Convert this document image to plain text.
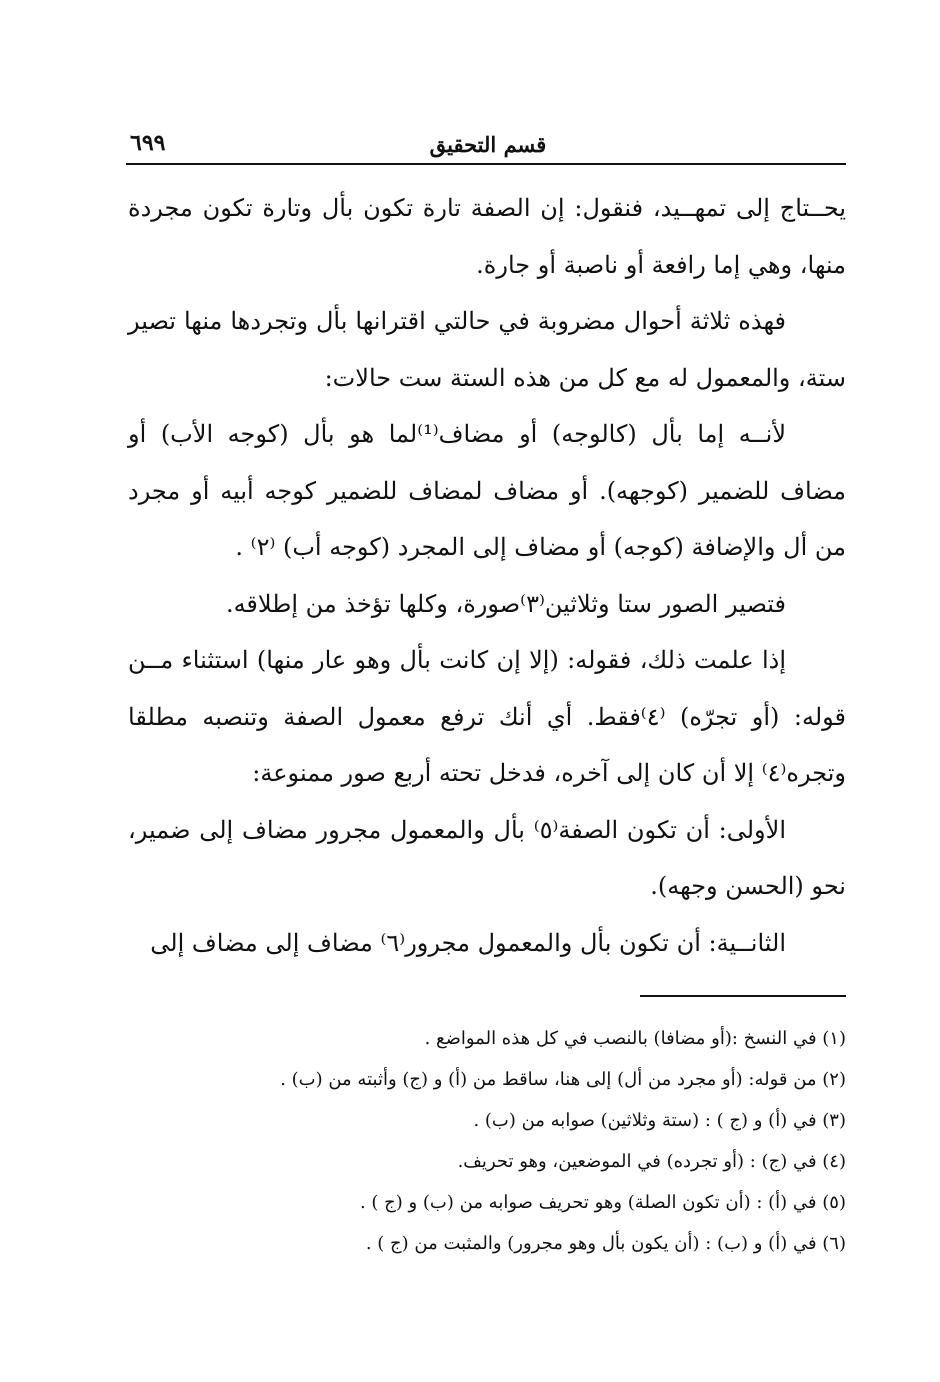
قسم التحقيق
٦٩٩

يحــتاج إلى تمهــيد، فنقول: إن الصفة تارة تكون بأل وتارة تكون مجردة منها، وهي إما رافعة أو ناصبة أو جارة.

فهذه ثلاثة أحوال مضروبة في حالتي اقترانها بأل وتجردها منها تصير ستة، والمعمول له مع كل من هذه الستة ست حالات:

لأنــه إما بأل (كالوجه) أو مضاف⁽¹⁾لما هو بأل (كوجه الأب) أو مضاف للضمير (كوجهه). أو مضاف لمضاف للضمير كوجه أبيه أو مجرد من أل والإضافة (كوجه) أو مضاف إلى المجرد (كوجه أب) ⁽٢⁾ .

فتصير الصور ستا وثلاثين⁽٣⁾صورة، وكلها تؤخذ من إطلاقه.

إذا علمت ذلك، فقوله: (إلا إن كانت بأل وهو عار منها) استثناء مــن قوله: (أو تجرّه) ⁽٤⁾فقط. أي أنك ترفع معمول الصفة وتنصبه مطلقا وتجره⁽٤⁾ إلا أن كان إلى آخره، فدخل تحته أربع صور ممنوعة:

الأولى: أن تكون الصفة⁽٥⁾ بأل والمعمول مجرور مضاف إلى ضمير، نحو (الحسن وجهه).

الثانــية: أن تكون بأل والمعمول مجرور⁽٦⁾ مضاف إلى مضاف إلى

(١) في النسخ :(أو مضافا) بالنصب في كل هذه المواضع .
(٢) من قوله: (أو مجرد من أل) إلى هنا، ساقط من (أ) و (ج) وأثبته من (ب) .
(٣) في (أ) و (ج ) : (ستة وثلاثين) صوابه من (ب) .
(٤) في (ج) : (أو تجرده) في الموضعين، وهو تحريف.
(٥) في (أ) : (أن تكون الصلة) وهو تحريف صوابه من (ب) و (ج ) .
(٦) في (أ) و (ب) : (أن يكون بأل وهو مجرور) والمثبت من (ج ) .
